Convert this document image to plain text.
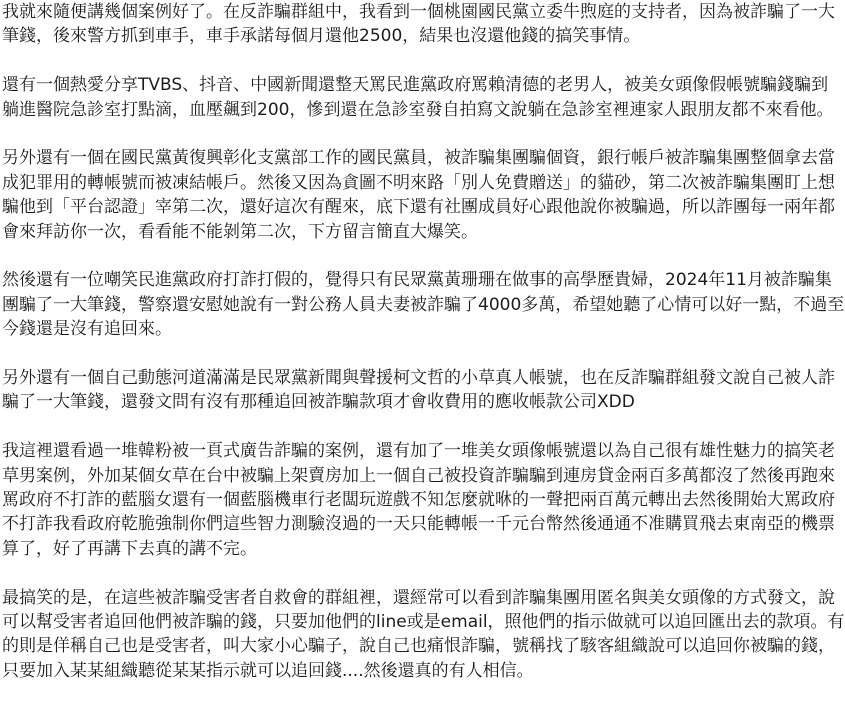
我就來隨便講幾個案例好了。在反詐騙群組中，我看到一個桃園國民黨立委牛煦庭的支持者，因為被詐騙了一大筆錢，後來警方抓到車手，車手承諾每個月還他2500，結果也沒還他錢的搞笑事情。

還有一個熱愛分享TVBS、抖音、中國新聞還整天罵民進黨政府罵賴清德的老男人，被美女頭像假帳號騙錢騙到躺進醫院急診室打點滴，血壓飆到200，慘到還在急診室發自拍寫文說躺在急診室裡連家人跟朋友都不來看他。

另外還有一個在國民黨黃復興彰化支黨部工作的國民黨員，被詐騙集團騙個資，銀行帳戶被詐騙集團整個拿去當成犯罪用的轉帳號而被凍結帳戶。然後又因為貪圖不明來路「別人免費贈送」的貓砂，第二次被詐騙集團盯上想騙他到「平台認證」宰第二次，還好這次有醒來，底下還有社團成員好心跟他說你被騙過，所以詐團每一兩年都會來拜訪你一次，看看能不能剝第二次，下方留言簡直大爆笑。

然後還有一位嘲笑民進黨政府打詐打假的，覺得只有民眾黨黃珊珊在做事的高學歷貴婦，2024年11月被詐騙集團騙了一大筆錢，警察還安慰她說有一對公務人員夫妻被詐騙了4000多萬，希望她聽了心情可以好一點，不過至今錢還是沒有追回來。

另外還有一個自己動態河道滿滿是民眾黨新聞與聲援柯文哲的小草真人帳號，也在反詐騙群組發文說自己被人詐騙了一大筆錢，還發文問有沒有那種追回被詐騙款項才會收費用的應收帳款公司XDD

我這裡還看過一堆韓粉被一頁式廣告詐騙的案例，還有加了一堆美女頭像帳號還以為自己很有雄性魅力的搞笑老草男案例，外加某個女草在台中被騙上架賣房加上一個自己被投資詐騙騙到連房貸金兩百多萬都沒了然後再跑來罵政府不打詐的藍腦女還有一個藍腦機車行老闆玩遊戲不知怎麼就咻的一聲把兩百萬元轉出去然後開始大罵政府不打詐我看政府乾脆強制你們這些智力測驗沒過的一天只能轉帳一千元台幣然後通通不准購買飛去東南亞的機票算了，好了再講下去真的講不完。

最搞笑的是，在這些被詐騙受害者自救會的群組裡，還經常可以看到詐騙集團用匿名與美女頭像的方式發文，說可以幫受害者追回他們被詐騙的錢，只要加他們的line或是email，照他們的指示做就可以追回匯出去的款項。有的則是佯稱自己也是受害者，叫大家小心騙子，說自己也痛恨詐騙，號稱找了駭客組織說可以追回你被騙的錢，只要加入某某組織聽從某某指示就可以追回錢....然後還真的有人相信。
